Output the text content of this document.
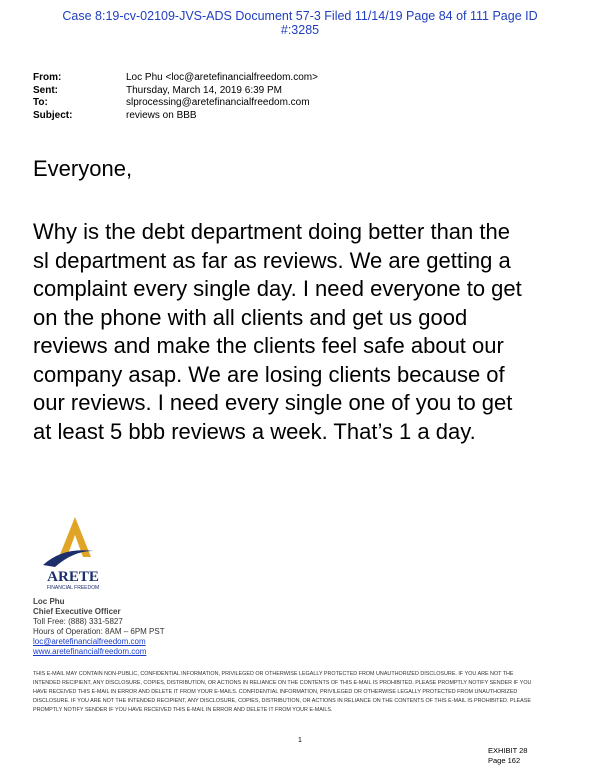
Case 8:19-cv-02109-JVS-ADS Document 57-3 Filed 11/14/19 Page 84 of 111 Page ID
#:3285
From:	Loc Phu <loc@aretefinancialfreedom.com>
Sent:	Thursday, March 14, 2019 6:39 PM
To:	slprocessing@aretefinancialfreedom.com
Subject:	reviews on BBB
Everyone,
Why is the debt department doing better than the
sl department as far as reviews. We are getting a
complaint every single day. I need everyone to get
on the phone with all clients and get us good
reviews and make the clients feel safe about our
company asap. We are losing clients because of
our reviews. I need every single one of you to get
at least 5 bbb reviews a week. That’s 1 a day.
ARETE
FINANCIAL FREEDOM
Loc Phu
Chief Executive Officer
Toll Free: (888) 331-5827
Hours of Operation: 8AM – 6PM PST
loc@aretefinancialfreedom.com
www.aretefinancialfreedom.com
THIS E-MAIL MAY CONTAIN NON-PUBLIC, CONFIDENTIAL INFORMATION, PRIVILEGED OR OTHERWISE LEGALLY PROTECTED FROM UNAUTHORIZED DISCLOSURE. IF YOU ARE NOT THE
INTENDED RECIPIENT, ANY DISCLOSURE, COPIES, DISTRIBUTION, OR ACTIONS IN RELIANCE ON THE CONTENTS OF THIS E-MAIL IS PROHIBITED. PLEASE PROMPTLY NOTIFY SENDER IF YOU
HAVE RECEIVED THIS E-MAIL IN ERROR AND DELETE IT FROM YOUR E-MAILS. CONFIDENTIAL INFORMATION, PRIVILEGED OR OTHERWISE LEGALLY PROTECTED FROM UNAUTHORIZED
DISCLOSURE. IF YOU ARE NOT THE INTENDED RECIPIENT, ANY DISCLOSURE, COPIES, DISTRIBUTION, OR ACTIONS IN RELIANCE ON THE CONTENTS OF THIS E-MAIL IS PROHIBITED. PLEASE
PROMPTLY NOTIFY SENDER IF YOU HAVE RECEIVED THIS E-MAIL IN ERROR AND DELETE IT FROM YOUR E-MAILS.
1
EXHIBIT 28
Page 162
